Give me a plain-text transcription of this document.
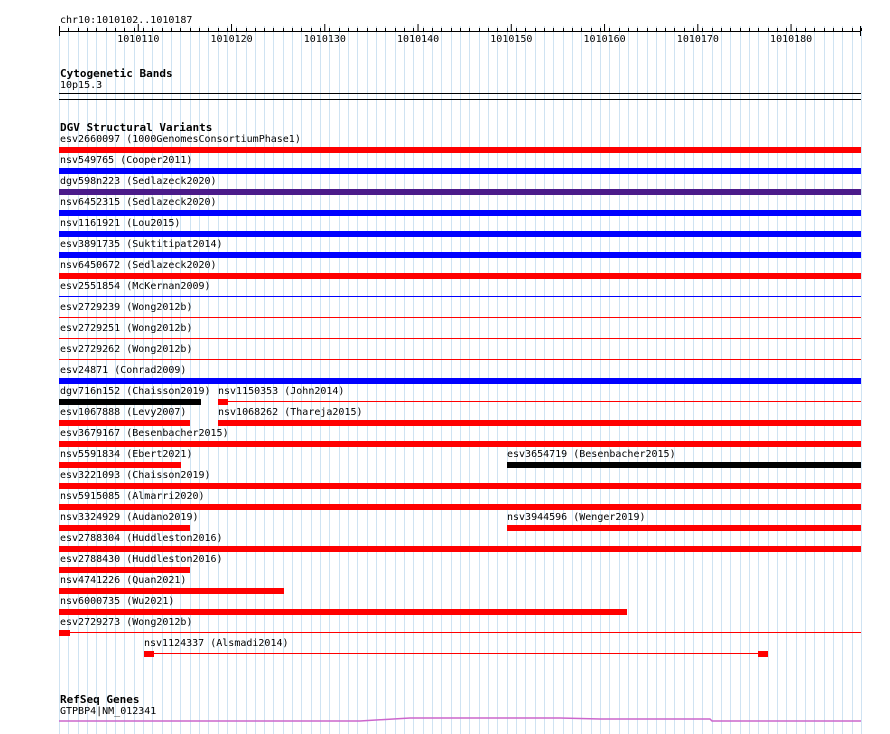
chr10:1010102..1010187
1010110	1010120	1010130	1010140	1010150	1010160	1010170	1010180
Cytogenetic Bands
10p15.3
DGV Structural Variants
esv2660097 (1000GenomesConsortiumPhase1)
nsv549765 (Cooper2011)
dgv598n223 (Sedlazeck2020)
nsv6452315 (Sedlazeck2020)
nsv1161921 (Lou2015)
esv3891735 (Suktitipat2014)
nsv6450672 (Sedlazeck2020)
esv2551854 (McKernan2009)
esv2729239 (Wong2012b)
esv2729251 (Wong2012b)
esv2729262 (Wong2012b)
esv24871 (Conrad2009)
dgv716n152 (Chaisson2019) nsv1150353 (John2014)
esv1067888 (Levy2007)	nsv1068262 (Thareja2015)
esv3679167 (Besenbacher2015)
nsv5591834 (Ebert2021)	esv3654719 (Besenbacher2015)
esv3221093 (Chaisson2019)
nsv5915085 (Almarri2020)
nsv3324929 (Audano2019)	nsv3944596 (Wenger2019)
esv2788304 (Huddleston2016)
esv2788430 (Huddleston2016)
nsv4741226 (Quan2021)
nsv6000735 (Wu2021)
esv2729273 (Wong2012b)
nsv1124337 (Alsmadi2014)
RefSeq Genes
GTPBP4|NM_012341
